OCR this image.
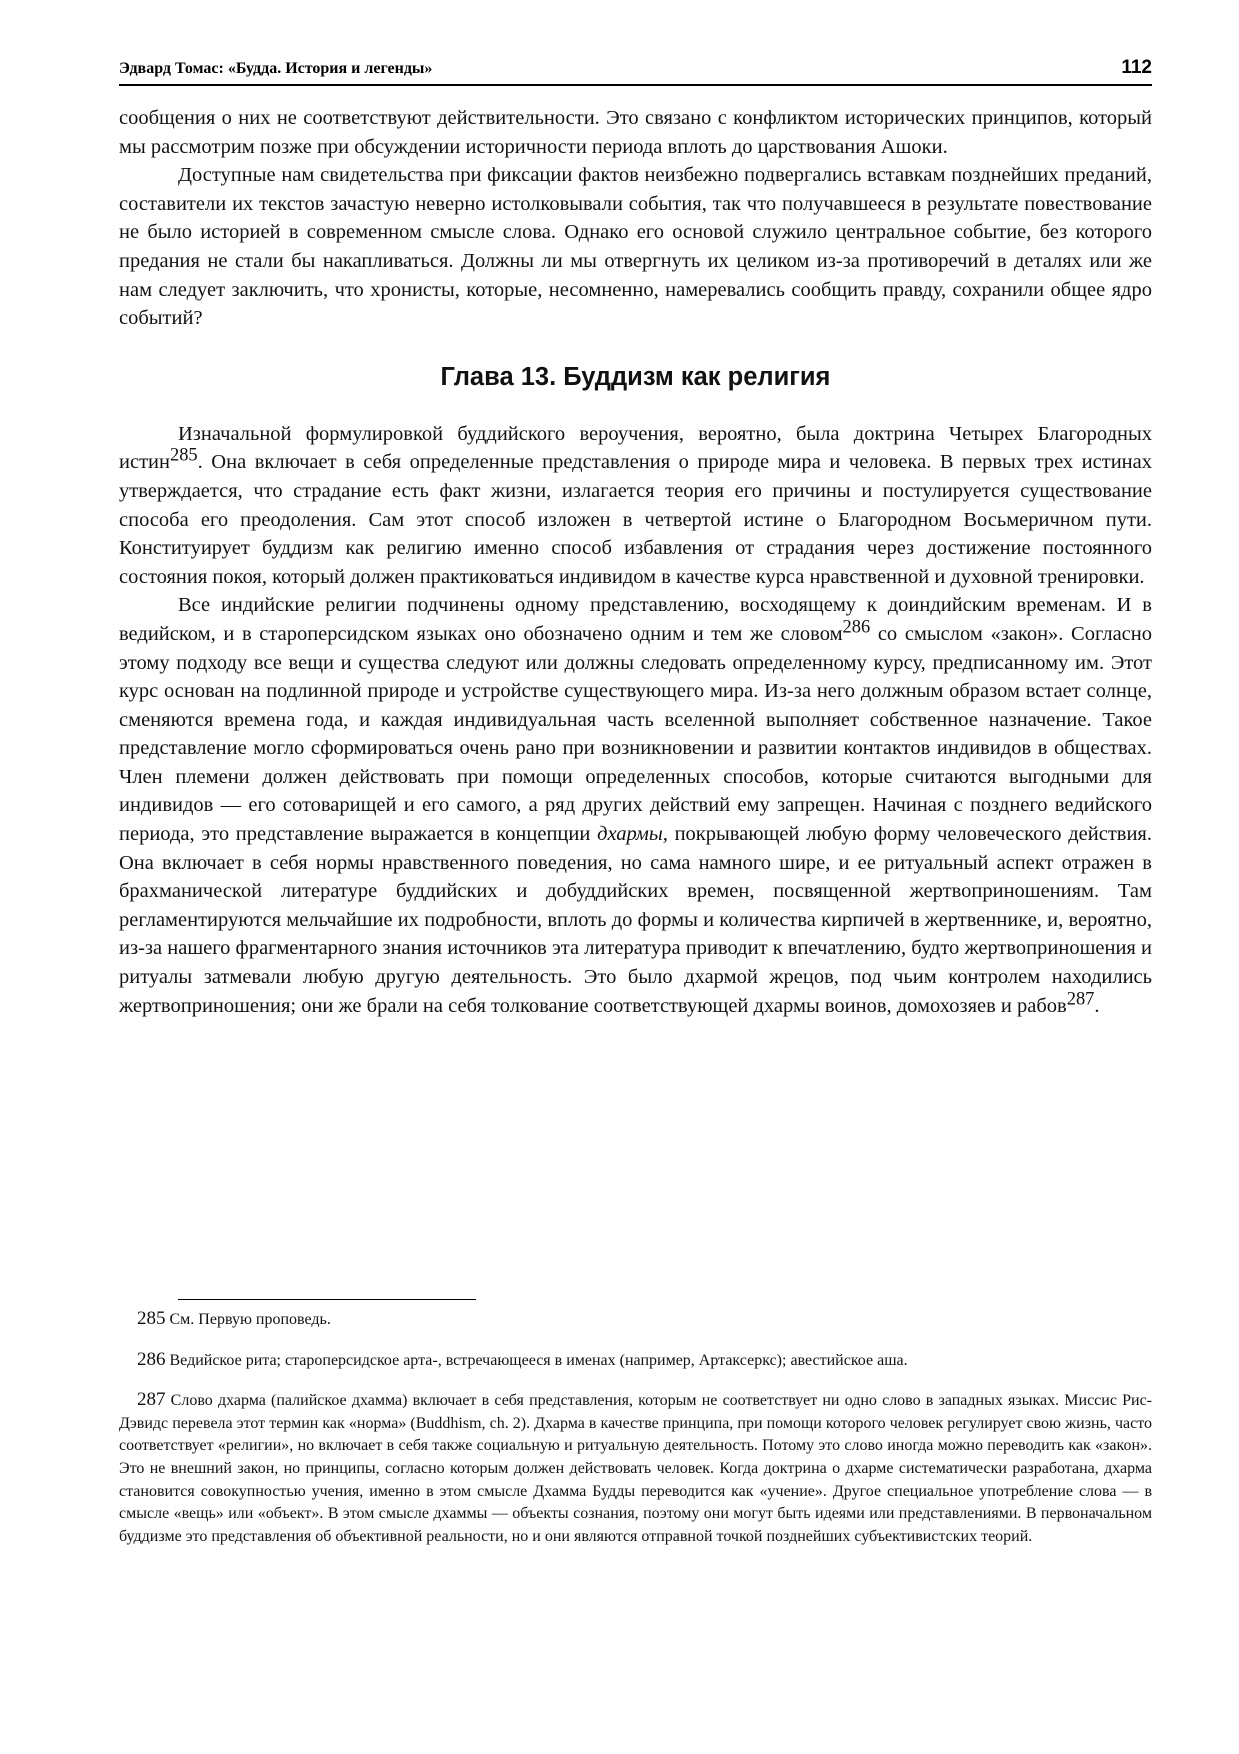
Эдвард Томас: «Будда. История и легенды»	112

сообщения о них не соответствуют действительности. Это связано с конфликтом исторических принципов, который мы рассмотрим позже при обсуждении историчности периода вплоть до царствования Ашоки.

Доступные нам свидетельства при фиксации фактов неизбежно подвергались вставкам позднейших преданий, составители их текстов зачастую неверно истолковывали события, так что получавшееся в результате повествование не было историей в современном смысле слова. Однако его основой служило центральное событие, без которого предания не стали бы накапливаться. Должны ли мы отвергнуть их целиком из-за противоречий в деталях или же нам следует заключить, что хронисты, которые, несомненно, намеревались сообщить правду, сохранили общее ядро событий?

Глава 13. Буддизм как религия

Изначальной формулировкой буддийского вероучения, вероятно, была доктрина Четырех Благородных истин$^{285}$. Она включает в себя определенные представления о природе мира и человека. В первых трех истинах утверждается, что страдание есть факт жизни, излагается теория его причины и постулируется существование способа его преодоления. Сам этот способ изложен в четвертой истине о Благородном Восьмеричном пути. Конституирует буддизм как религию именно способ избавления от страдания через достижение постоянного состояния покоя, который должен практиковаться индивидом в качестве курса нравственной и духовной тренировки.

Все индийские религии подчинены одному представлению, восходящему к доиндийским временам. И в ведийском, и в староперсидском языках оно обозначено одним и тем же словом$^{286}$ со смыслом «закон». Согласно этому подходу все вещи и существа следуют или должны следовать определенному курсу, предписанному им. Этот курс основан на подлинной природе и устройстве существующего мира. Из-за него должным образом встает солнце, сменяются времена года, и каждая индивидуальная часть вселенной выполняет собственное назначение. Такое представление могло сформироваться очень рано при возникновении и развитии контактов индивидов в обществах. Член племени должен действовать при помощи определенных способов, которые считаются выгодными для индивидов — его сотоварищей и его самого, а ряд других действий ему запрещен. Начиная с позднего ведийского периода, это представление выражается в концепции дхармы, покрывающей любую форму человеческого действия. Она включает в себя нормы нравственного поведения, но сама намного шире, и ее ритуальный аспект отражен в брахманической литературе буддийских и добуддийских времен, посвященной жертвоприношениям. Там регламентируются мельчайшие их подробности, вплоть до формы и количества кирпичей в жертвеннике, и, вероятно, из-за нашего фрагментарного знания источников эта литература приводит к впечатлению, будто жертвоприношения и ритуалы затмевали любую другую деятельность. Это было дхармой жрецов, под чьим контролем находились жертвоприношения; они же брали на себя толкование соответствующей дхармы воинов, домохозяев и рабов$^{287}$.

285 См. Первую проповедь.

286 Ведийское рита; староперсидское арта-, встречающееся в именах (например, Артаксеркс); авестийское аша.

287 Слово дхарма (палийское дхамма) включает в себя представления, которым не соответствует ни одно слово в западных языках. Миссис Рис-Дэвидс перевела этот термин как «норма» (Buddhism, ch. 2). Дхарма в качестве принципа, при помощи которого человек регулирует свою жизнь, часто соответствует «религии», но включает в себя также социальную и ритуальную деятельность. Потому это слово иногда можно переводить как «закон». Это не внешний закон, но принципы, согласно которым должен действовать человек. Когда доктрина о дхарме систематически разработана, дхарма становится совокупностью учения, именно в этом смысле Дхамма Будды переводится как «учение». Другое специальное употребление слова — в смысле «вещь» или «объект». В этом смысле дхаммы — объекты сознания, поэтому они могут быть идеями или представлениями. В первоначальном буддизме это представления об объективной реальности, но и они являются отправной точкой позднейших субъективистских теорий.
